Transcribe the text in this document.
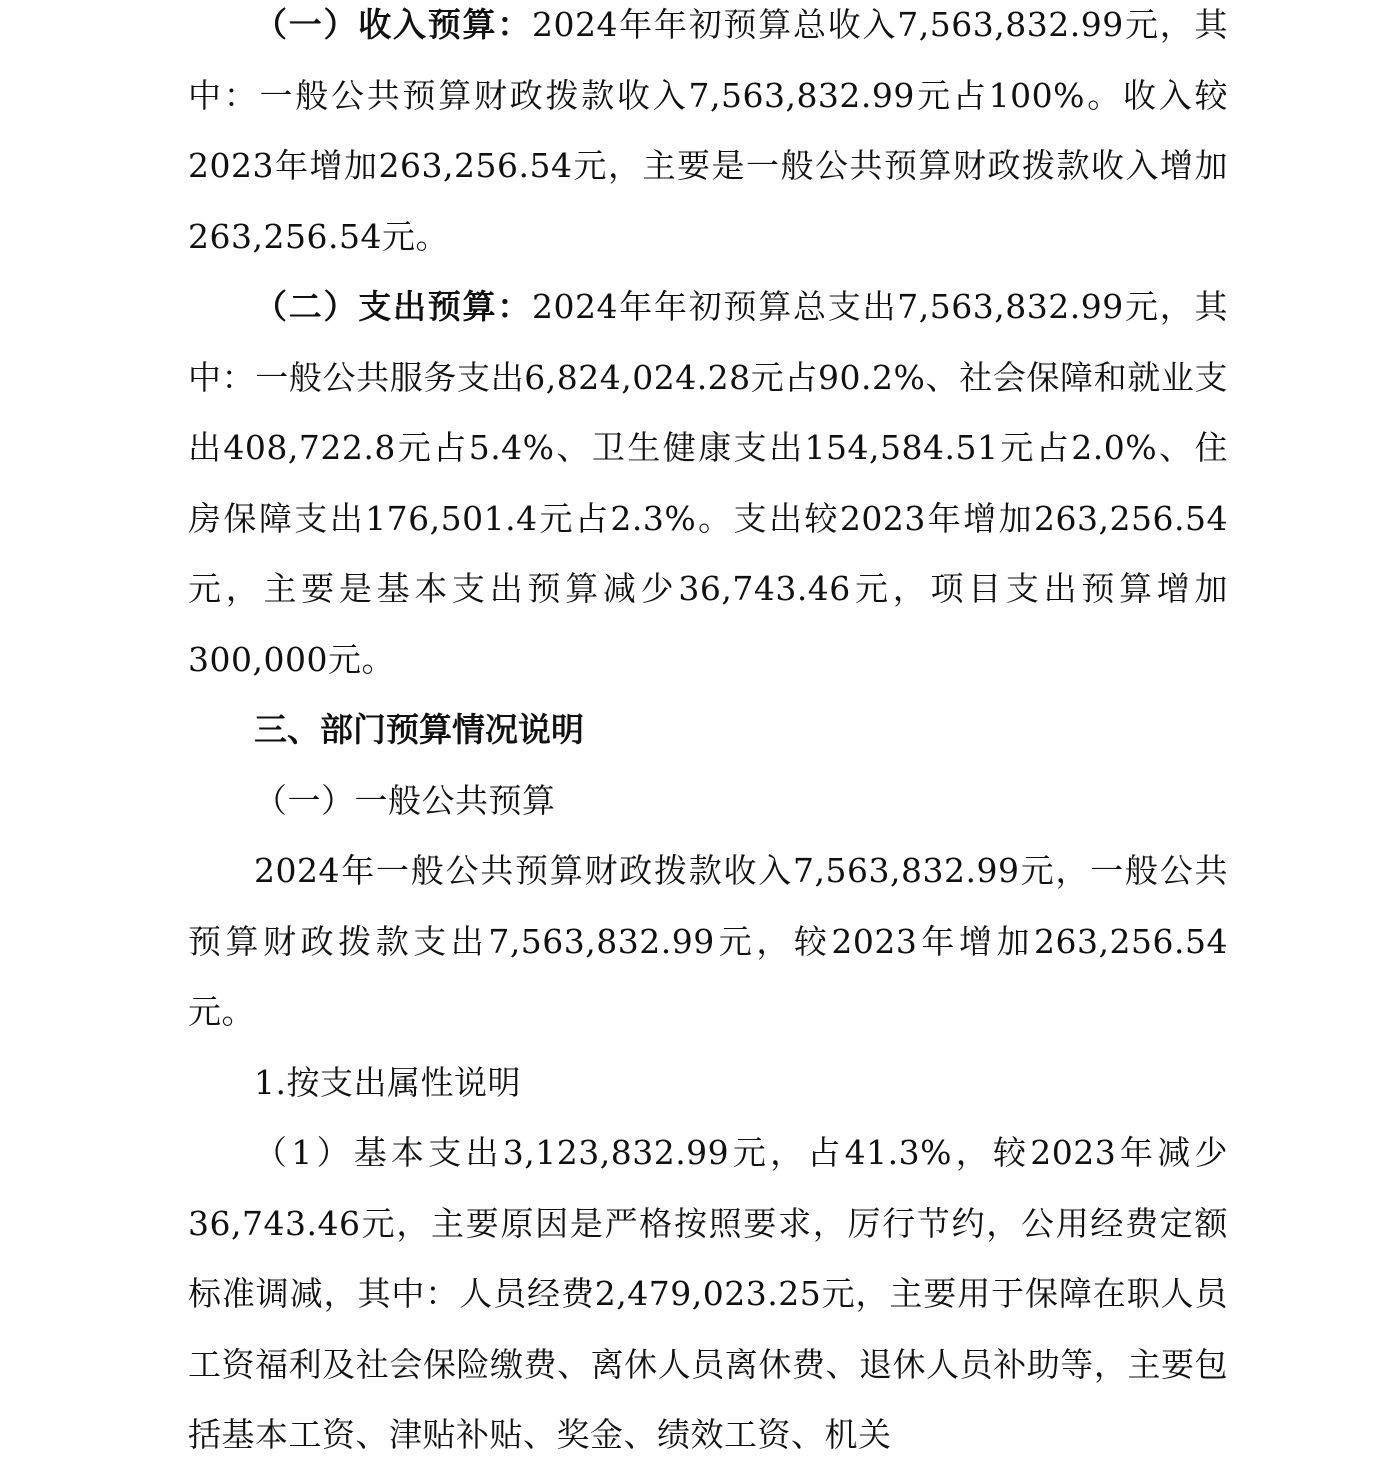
（一）收入预算：2024年年初预算总收入7,563,832.99元，其中：一般公共预算财政拨款收入7,563,832.99元占100%。收入较2023年增加263,256.54元，主要是一般公共预算财政拨款收入增加263,256.54元。

（二）支出预算：2024年年初预算总支出7,563,832.99元，其中：一般公共服务支出6,824,024.28元占90.2%、社会保障和就业支出408,722.8元占5.4%、卫生健康支出154,584.51元占2.0%、住房保障支出176,501.4元占2.3%。支出较2023年增加263,256.54元，主要是基本支出预算减少36,743.46元，项目支出预算增加300,000元。

三、部门预算情况说明

（一）一般公共预算

2024年一般公共预算财政拨款收入7,563,832.99元，一般公共预算财政拨款支出7,563,832.99元，较2023年增加263,256.54元。

1.按支出属性说明

（1）基本支出3,123,832.99元，占41.3%，较2023年减少36,743.46元，主要原因是严格按照要求，厉行节约，公用经费定额标准调减，其中：人员经费2,479,023.25元，主要用于保障在职人员工资福利及社会保险缴费、离休人员离休费、退休人员补助等，主要包括基本工资、津贴补贴、奖金、绩效工资、机关
